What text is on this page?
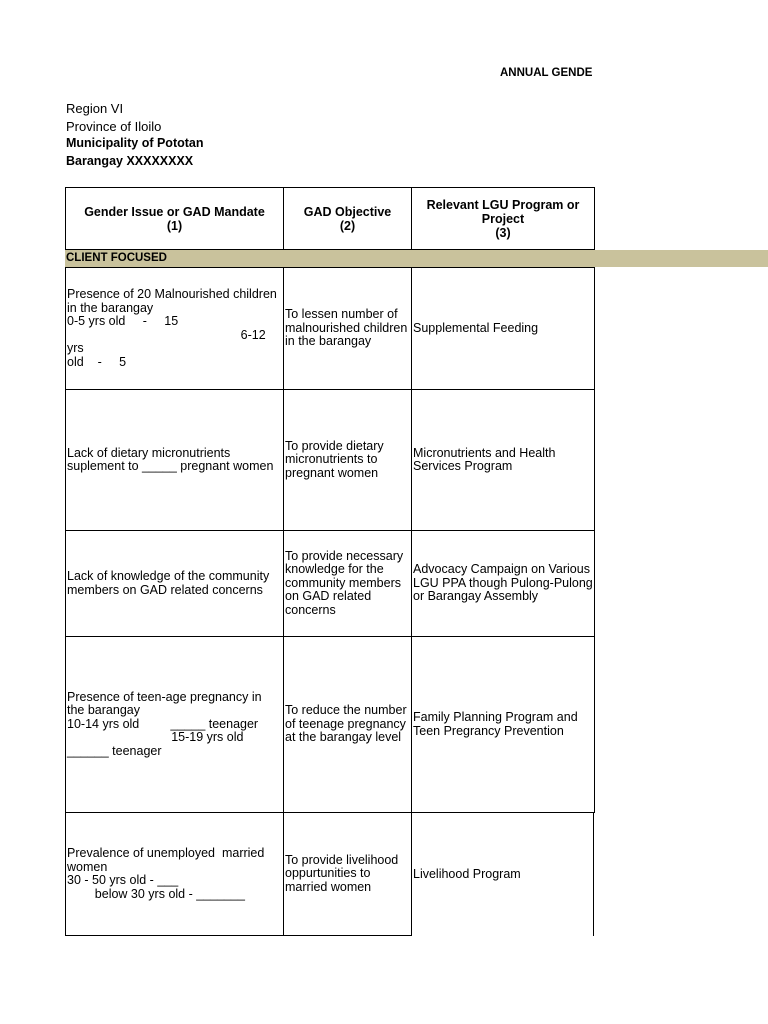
ANNUAL GENDE
Region VI
Province of Iloilo
Municipality of Pototan
Barangay XXXXXXXX
Gender Issue or GAD Mandate
(1)
GAD Objective
(2)
Relevant LGU Program or Project
(3)
CLIENT FOCUSED
Presence of 20 Malnourished children in the barangay
0-5 yrs old     -     15
6-12 yrs
old    -     5
To lessen number of malnourished children in the barangay
Supplemental Feeding
Lack of dietary micronutrients suplement to _____ pregnant women
To provide dietary micronutrients to pregnant women
Micronutrients and Health Services Program
Lack of knowledge of the community members on GAD related concerns
To provide necessary knowledge for the community members on GAD related concerns
Advocacy Campaign on Various LGU PPA though Pulong-Pulong or Barangay Assembly
Presence of teen-age pregnancy in the barangay
10-14 yrs old         _____ teenager
15-19 yrs old
______ teenager
To reduce the number of teenage pregnancy at the barangay level
Family Planning Program and Teen Pregrancy Prevention
Prevalence of unemployed  married women
30 - 50 yrs old - ___
below 30 yrs old - _______
To provide livelihood oppurtunities to married women
Livelihood Program
